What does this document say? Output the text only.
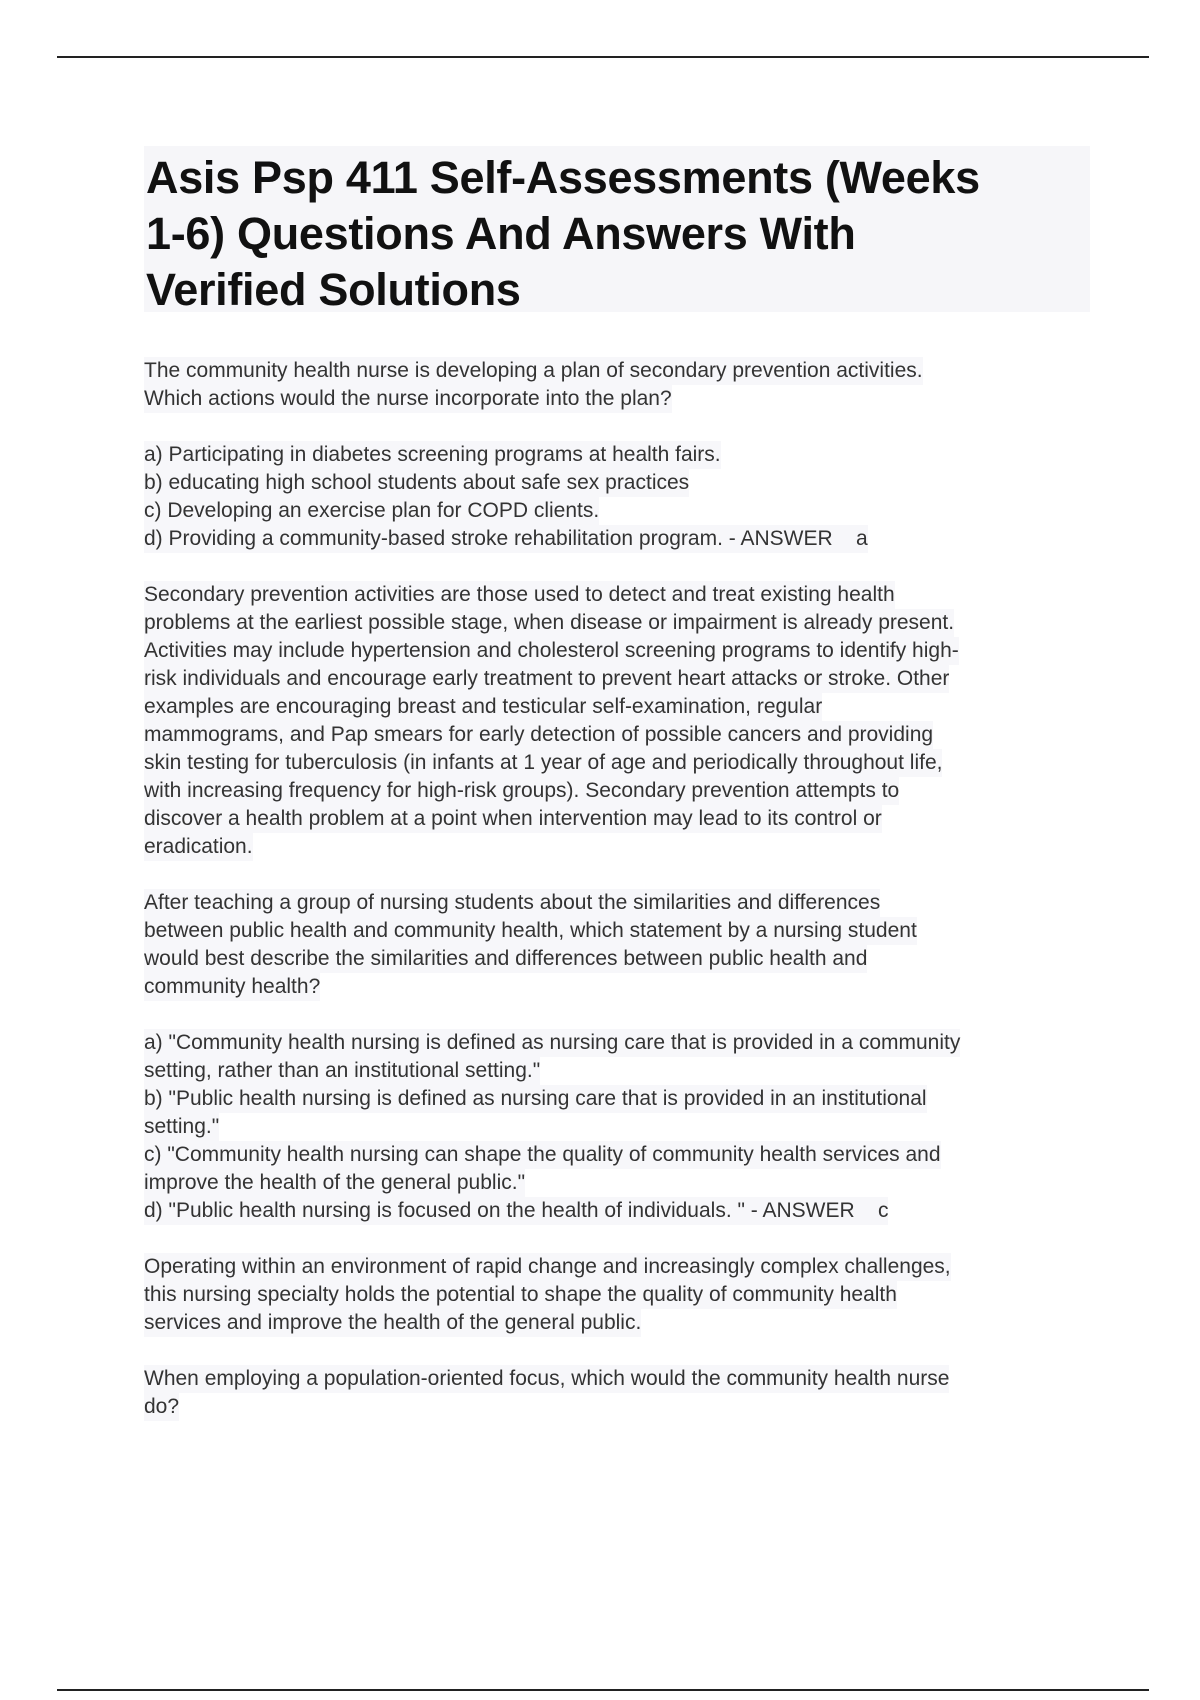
Asis Psp 411 Self-Assessments (Weeks
1-6) Questions And Answers With
Verified Solutions
The community health nurse is developing a plan of secondary prevention activities.
Which actions would the nurse incorporate into the plan?
a) Participating in diabetes screening programs at health fairs.
b) educating high school students about safe sex practices
c) Developing an exercise plan for COPD clients.
d) Providing a community-based stroke rehabilitation program. - ANSWER    a
Secondary prevention activities are those used to detect and treat existing health
problems at the earliest possible stage, when disease or impairment is already present.
Activities may include hypertension and cholesterol screening programs to identify high-
risk individuals and encourage early treatment to prevent heart attacks or stroke. Other
examples are encouraging breast and testicular self-examination, regular
mammograms, and Pap smears for early detection of possible cancers and providing
skin testing for tuberculosis (in infants at 1 year of age and periodically throughout life,
with increasing frequency for high-risk groups). Secondary prevention attempts to
discover a health problem at a point when intervention may lead to its control or
eradication.
After teaching a group of nursing students about the similarities and differences
between public health and community health, which statement by a nursing student
would best describe the similarities and differences between public health and
community health?
a) "Community health nursing is defined as nursing care that is provided in a community
setting, rather than an institutional setting."
b) "Public health nursing is defined as nursing care that is provided in an institutional
setting."
c) "Community health nursing can shape the quality of community health services and
improve the health of the general public."
d) "Public health nursing is focused on the health of individuals. " - ANSWER    c
Operating within an environment of rapid change and increasingly complex challenges,
this nursing specialty holds the potential to shape the quality of community health
services and improve the health of the general public.
When employing a population-oriented focus, which would the community health nurse
do?
